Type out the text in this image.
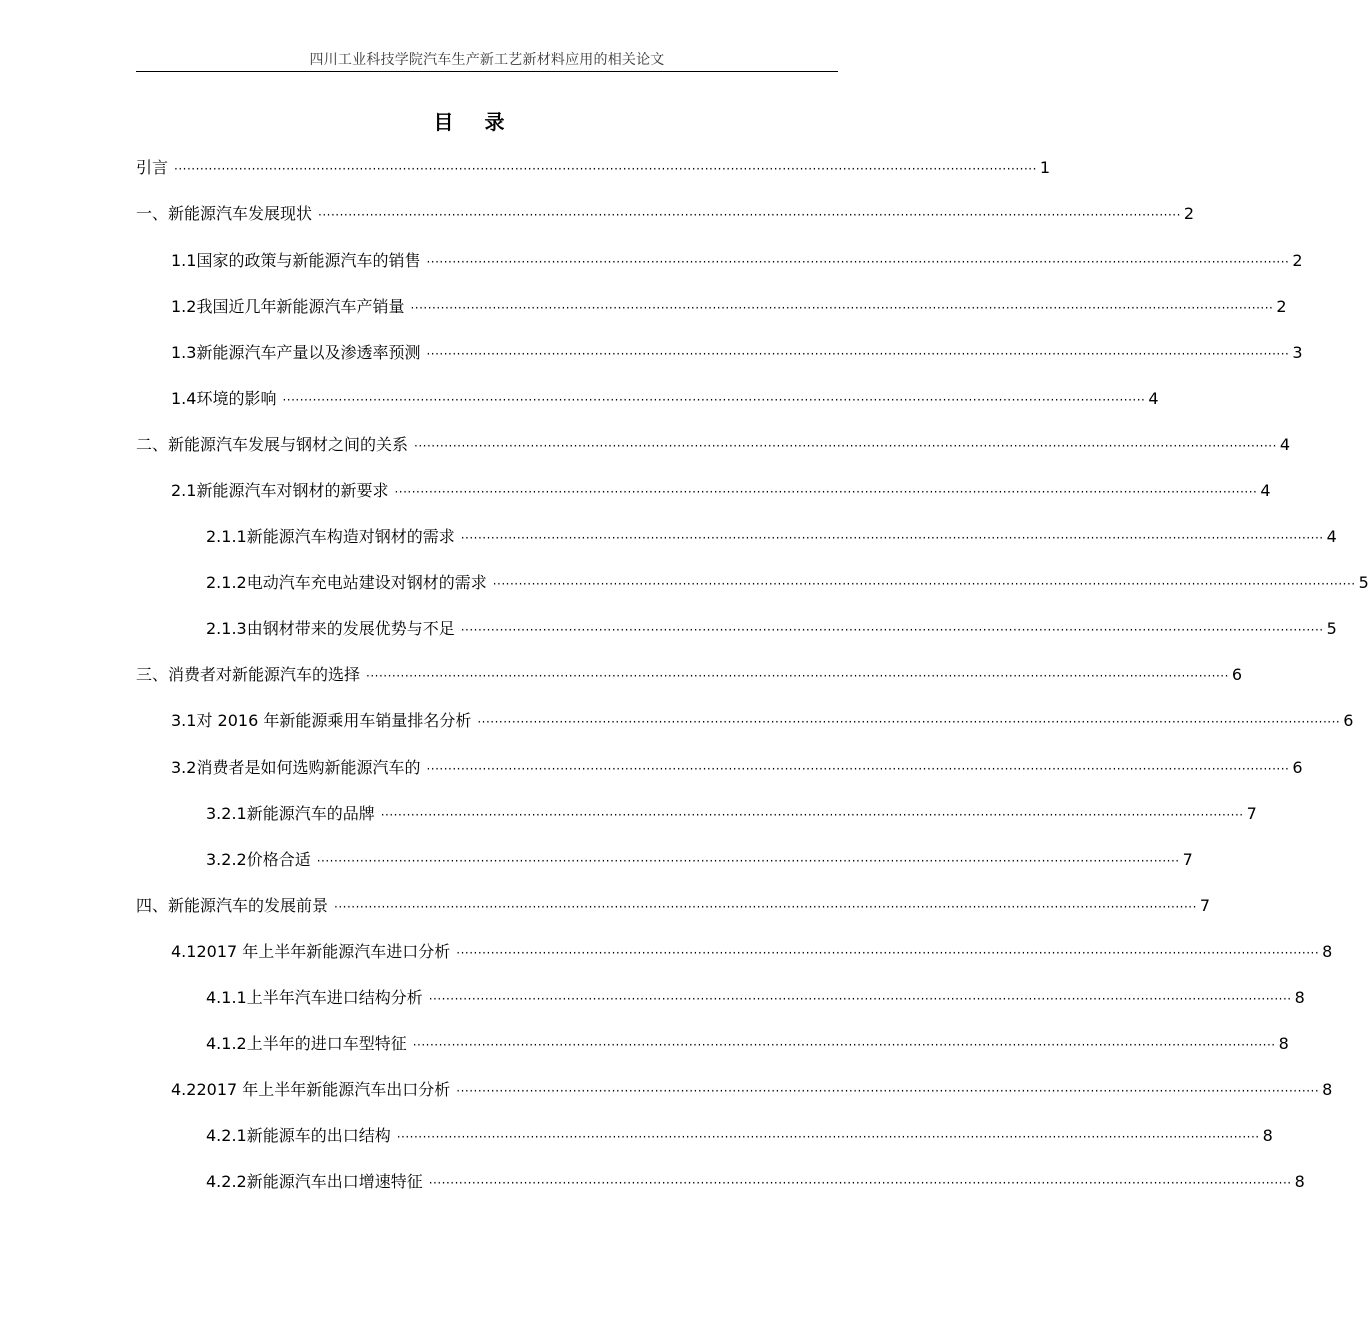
四川工业科技学院汽车生产新工艺新材料应用的相关论文
目 录
引言 ········································································································································································································ 1
一、 新能源汽车发展现状 ········································································································································································································ 2
1.1 国家的政策与新能源汽车的销售 ········································································································································································································ 2
1.2 我国近几年新能源汽车产销量 ········································································································································································································ 2
1.3 新能源汽车产量以及渗透率预测 ········································································································································································································ 3
1.4 环境的影响 ········································································································································································································ 4
二、 新能源汽车发展与钢材之间的关系 ········································································································································································································ 4
2.1 新能源汽车对钢材的新要求 ········································································································································································································ 4
2.1.1 新能源汽车构造对钢材的需求 ········································································································································································································ 4
2.1.2 电动汽车充电站建设对钢材的需求 ········································································································································································································ 5
2.1.3 由钢材带来的发展优势与不足 ········································································································································································································ 5
三、 消费者对新能源汽车的选择 ········································································································································································································ 6
3.1 对 2016 年新能源乘用车销量排名分析 ········································································································································································································ 6
3.2 消费者是如何选购新能源汽车的 ········································································································································································································ 6
3.2.1 新能源汽车的品牌 ········································································································································································································ 7
3.2.2 价格合适 ········································································································································································································ 7
四、 新能源汽车的发展前景 ········································································································································································································ 7
4.1 2017 年上半年新能源汽车进口分析 ········································································································································································································ 8
4.1.1 上半年汽车进口结构分析 ········································································································································································································ 8
4.1.2 上半年的进口车型特征 ········································································································································································································ 8
4.2 2017 年上半年新能源汽车出口分析 ········································································································································································································ 8
4.2.1 新能源车的出口结构 ········································································································································································································ 8
4.2.2 新能源汽车出口增速特征 ········································································································································································································ 8
